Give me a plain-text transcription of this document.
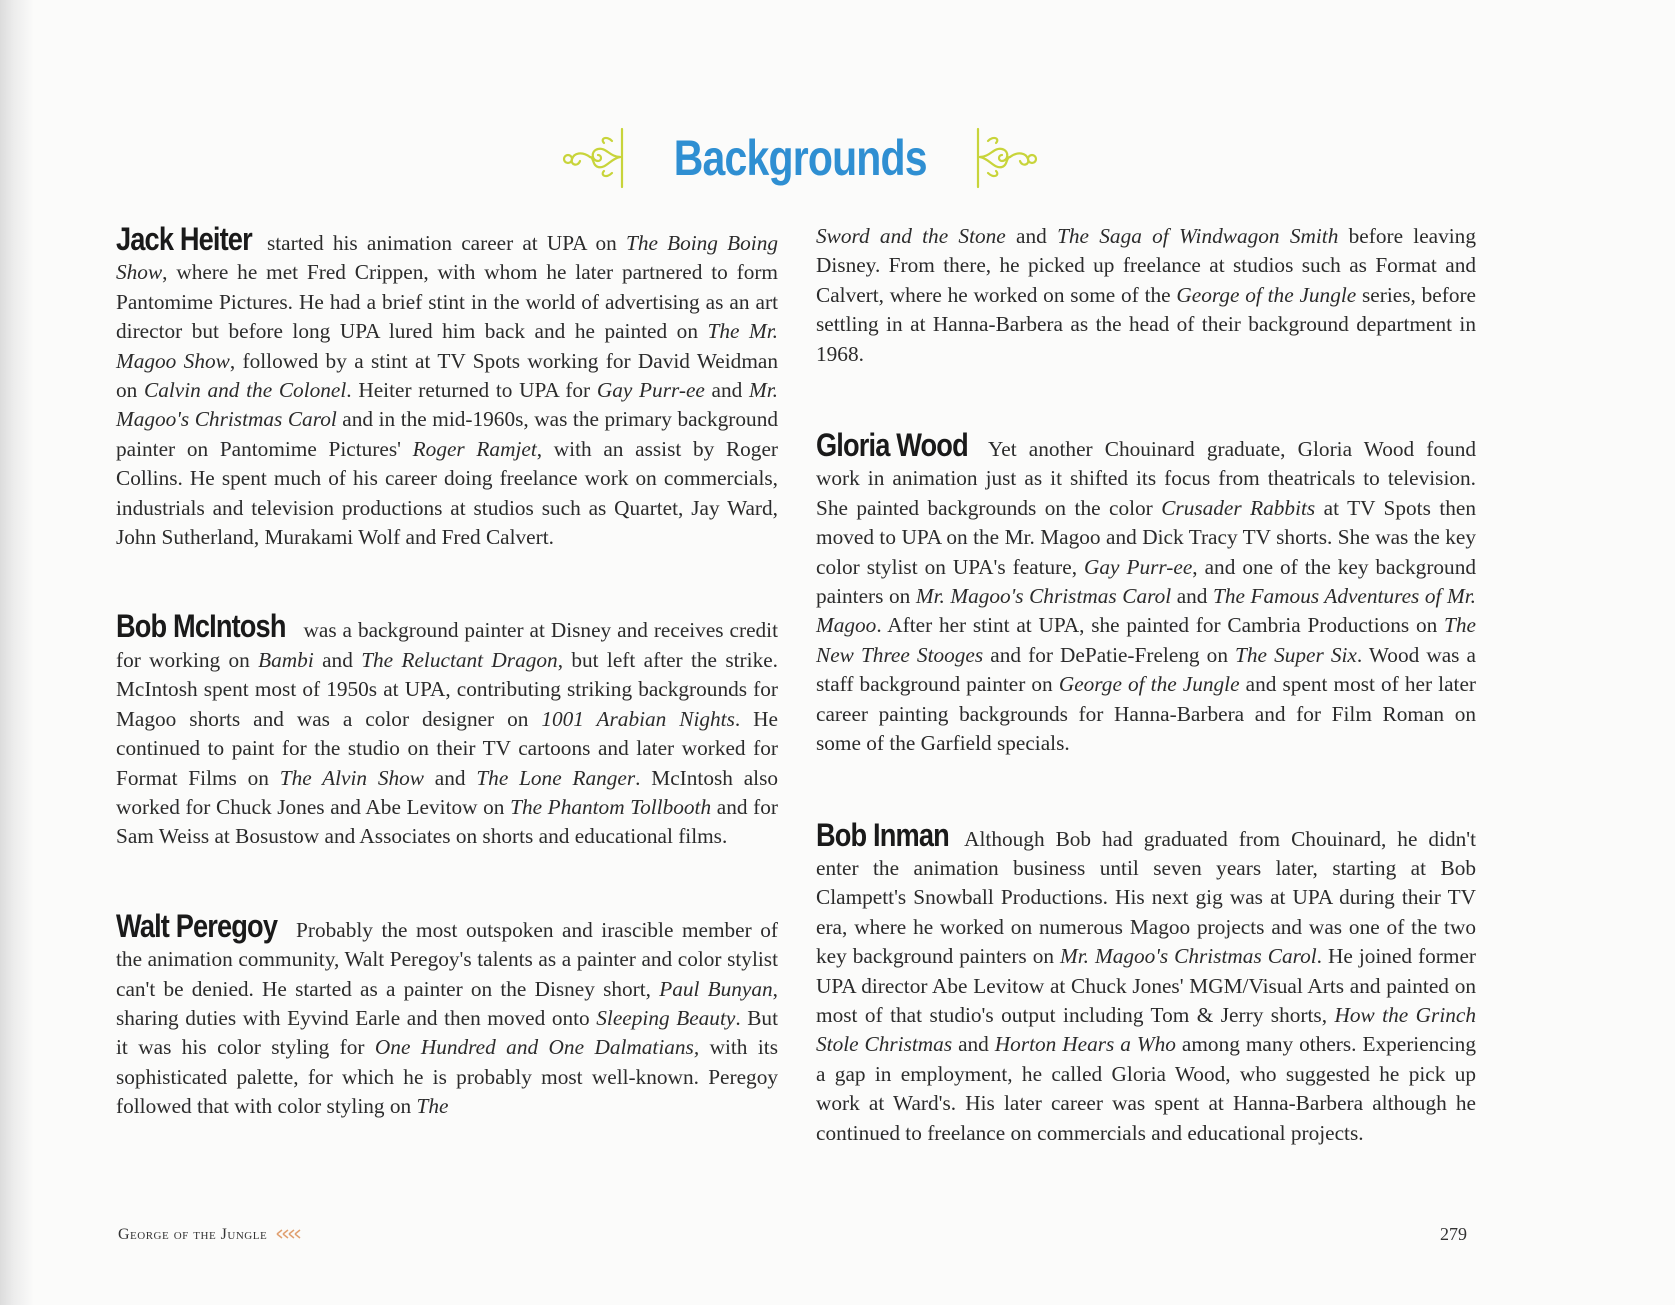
Backgrounds

Jack Heiter started his animation career at UPA on The Boing Boing Show, where he met Fred Crippen, with whom he later partnered to form Pantomime Pictures. He had a brief stint in the world of advertising as an art director but before long UPA lured him back and he painted on The Mr. Magoo Show, followed by a stint at TV Spots working for David Weidman on Calvin and the Colonel. Heiter returned to UPA for Gay Purr-ee and Mr. Magoo's Christmas Carol and in the mid-1960s, was the primary background painter on Pantomime Pictures' Roger Ramjet, with an assist by Roger Collins. He spent much of his career doing freelance work on commercials, industrials and television productions at studios such as Quartet, Jay Ward, John Sutherland, Murakami Wolf and Fred Calvert.

Bob McIntosh was a background painter at Disney and receives credit for working on Bambi and The Reluctant Dragon, but left after the strike. McIntosh spent most of 1950s at UPA, contributing striking backgrounds for Magoo shorts and was a color designer on 1001 Arabian Nights. He continued to paint for the studio on their TV cartoons and later worked for Format Films on The Alvin Show and The Lone Ranger. McIntosh also worked for Chuck Jones and Abe Levitow on The Phantom Tollbooth and for Sam Weiss at Bosustow and Associates on shorts and educational films.

Walt Peregoy Probably the most outspoken and irascible member of the animation community, Walt Peregoy's talents as a painter and color stylist can't be denied. He started as a painter on the Disney short, Paul Bunyan, sharing duties with Eyvind Earle and then moved onto Sleeping Beauty. But it was his color styling for One Hundred and One Dalmatians, with its sophisticated palette, for which he is probably most well-known. Peregoy followed that with color styling on The

Sword and the Stone and The Saga of Windwagon Smith before leaving Disney. From there, he picked up freelance at studios such as Format and Calvert, where he worked on some of the George of the Jungle series, before settling in at Hanna-Barbera as the head of their background department in 1968.

Gloria Wood Yet another Chouinard graduate, Gloria Wood found work in animation just as it shifted its focus from theatricals to television. She painted backgrounds on the color Crusader Rabbits at TV Spots then moved to UPA on the Mr. Magoo and Dick Tracy TV shorts. She was the key color stylist on UPA's feature, Gay Purr-ee, and one of the key background painters on Mr. Magoo's Christmas Carol and The Famous Adventures of Mr. Magoo. After her stint at UPA, she painted for Cambria Productions on The New Three Stooges and for DePatie-Freleng on The Super Six. Wood was a staff background painter on George of the Jungle and spent most of her later career painting backgrounds for Hanna-Barbera and for Film Roman on some of the Garfield specials.

Bob Inman Although Bob had graduated from Chouinard, he didn't enter the animation business until seven years later, starting at Bob Clampett's Snowball Productions. His next gig was at UPA during their TV era, where he worked on numerous Magoo projects and was one of the two key background painters on Mr. Magoo's Christmas Carol. He joined former UPA director Abe Levitow at Chuck Jones' MGM/Visual Arts and painted on most of that studio's output including Tom & Jerry shorts, How the Grinch Stole Christmas and Horton Hears a Who among many others. Experiencing a gap in employment, he called Gloria Wood, who suggested he pick up work at Ward's. His later career was spent at Hanna-Barbera although he continued to freelance on commercials and educational projects.

George of the Jungle	279
